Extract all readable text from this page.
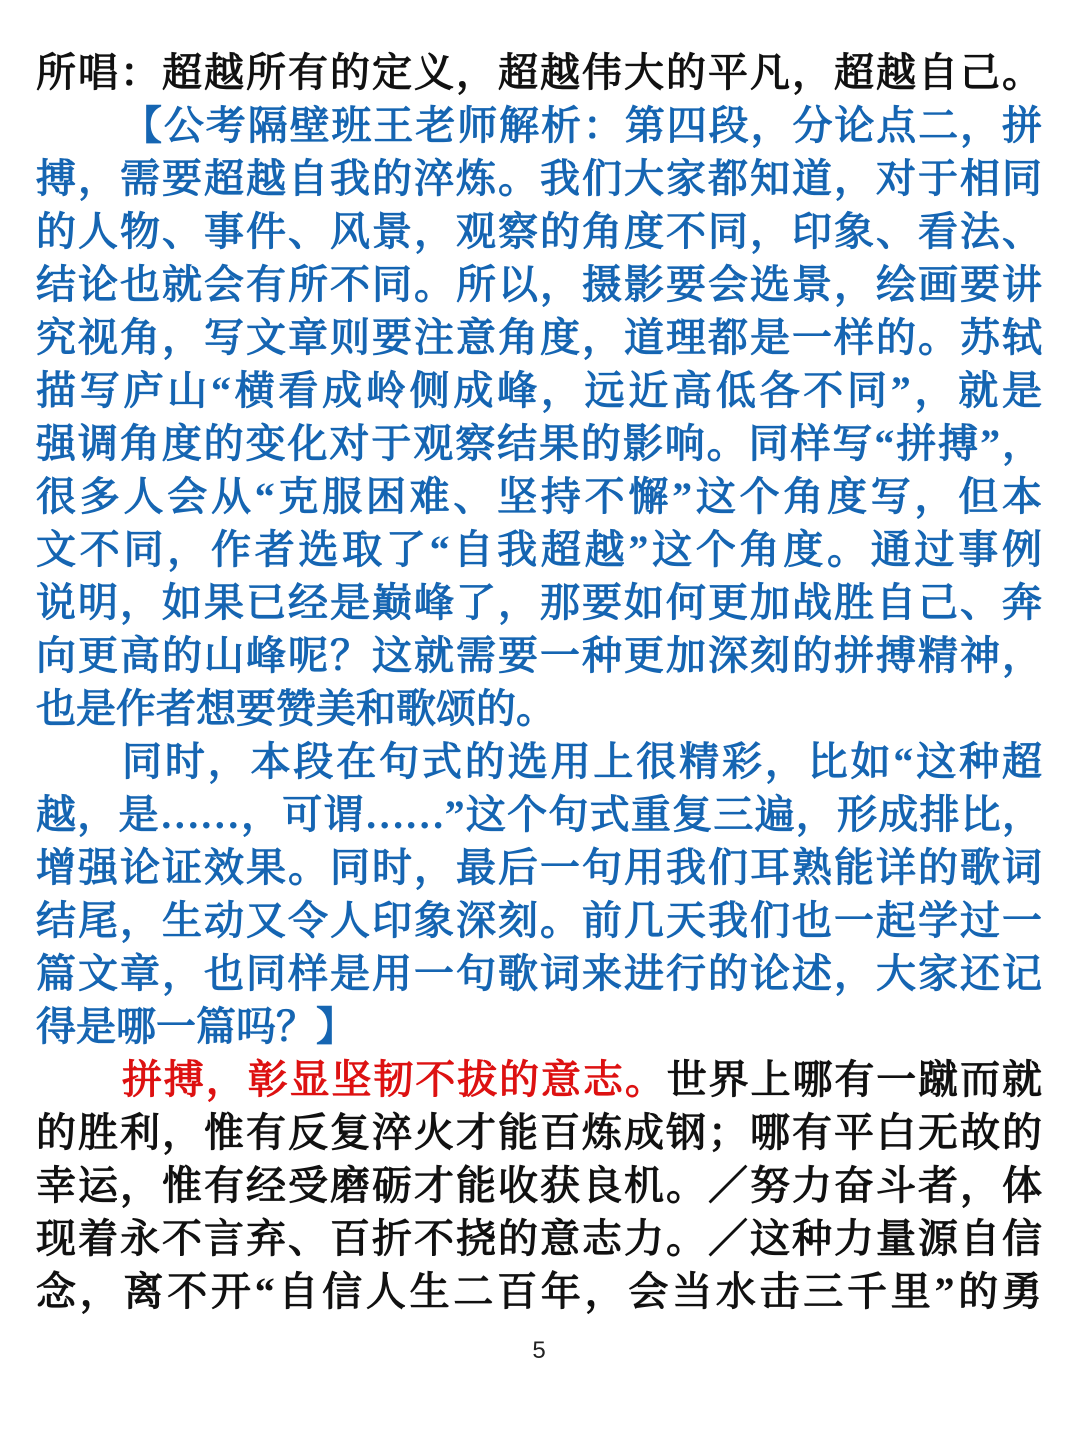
所唱：超越所有的定义，超越伟大的平凡，超越自己。
【公考隔壁班王老师解析：第四段，分论点二，拼
搏，需要超越自我的淬炼。我们大家都知道，对于相同
的人物、事件、风景，观察的角度不同，印象、看法、
结论也就会有所不同。所以，摄影要会选景，绘画要讲
究视角，写文章则要注意角度，道理都是一样的。苏轼
描写庐山“横看成岭侧成峰，远近高低各不同”，就是
强调角度的变化对于观察结果的影响。同样写“拼搏”，
很多人会从“克服困难、坚持不懈”这个角度写，但本
文不同，作者选取了“自我超越”这个角度。通过事例
说明，如果已经是巅峰了，那要如何更加战胜自己、奔
向更高的山峰呢？这就需要一种更加深刻的拼搏精神，
也是作者想要赞美和歌颂的。
同时，本段在句式的选用上很精彩，比如“这种超
越，是……，可谓……”这个句式重复三遍，形成排比，
增强论证效果。同时，最后一句用我们耳熟能详的歌词
结尾，生动又令人印象深刻。前几天我们也一起学过一
篇文章，也同样是用一句歌词来进行的论述，大家还记
得是哪一篇吗？】
拼搏，彰显坚韧不拔的意志。世界上哪有一蹴而就
的胜利，惟有反复淬火才能百炼成钢；哪有平白无故的
幸运，惟有经受磨砺才能收获良机。／努力奋斗者，体
现着永不言弃、百折不挠的意志力。／这种力量源自信
念，离不开“自信人生二百年，会当水击三千里”的勇
5
